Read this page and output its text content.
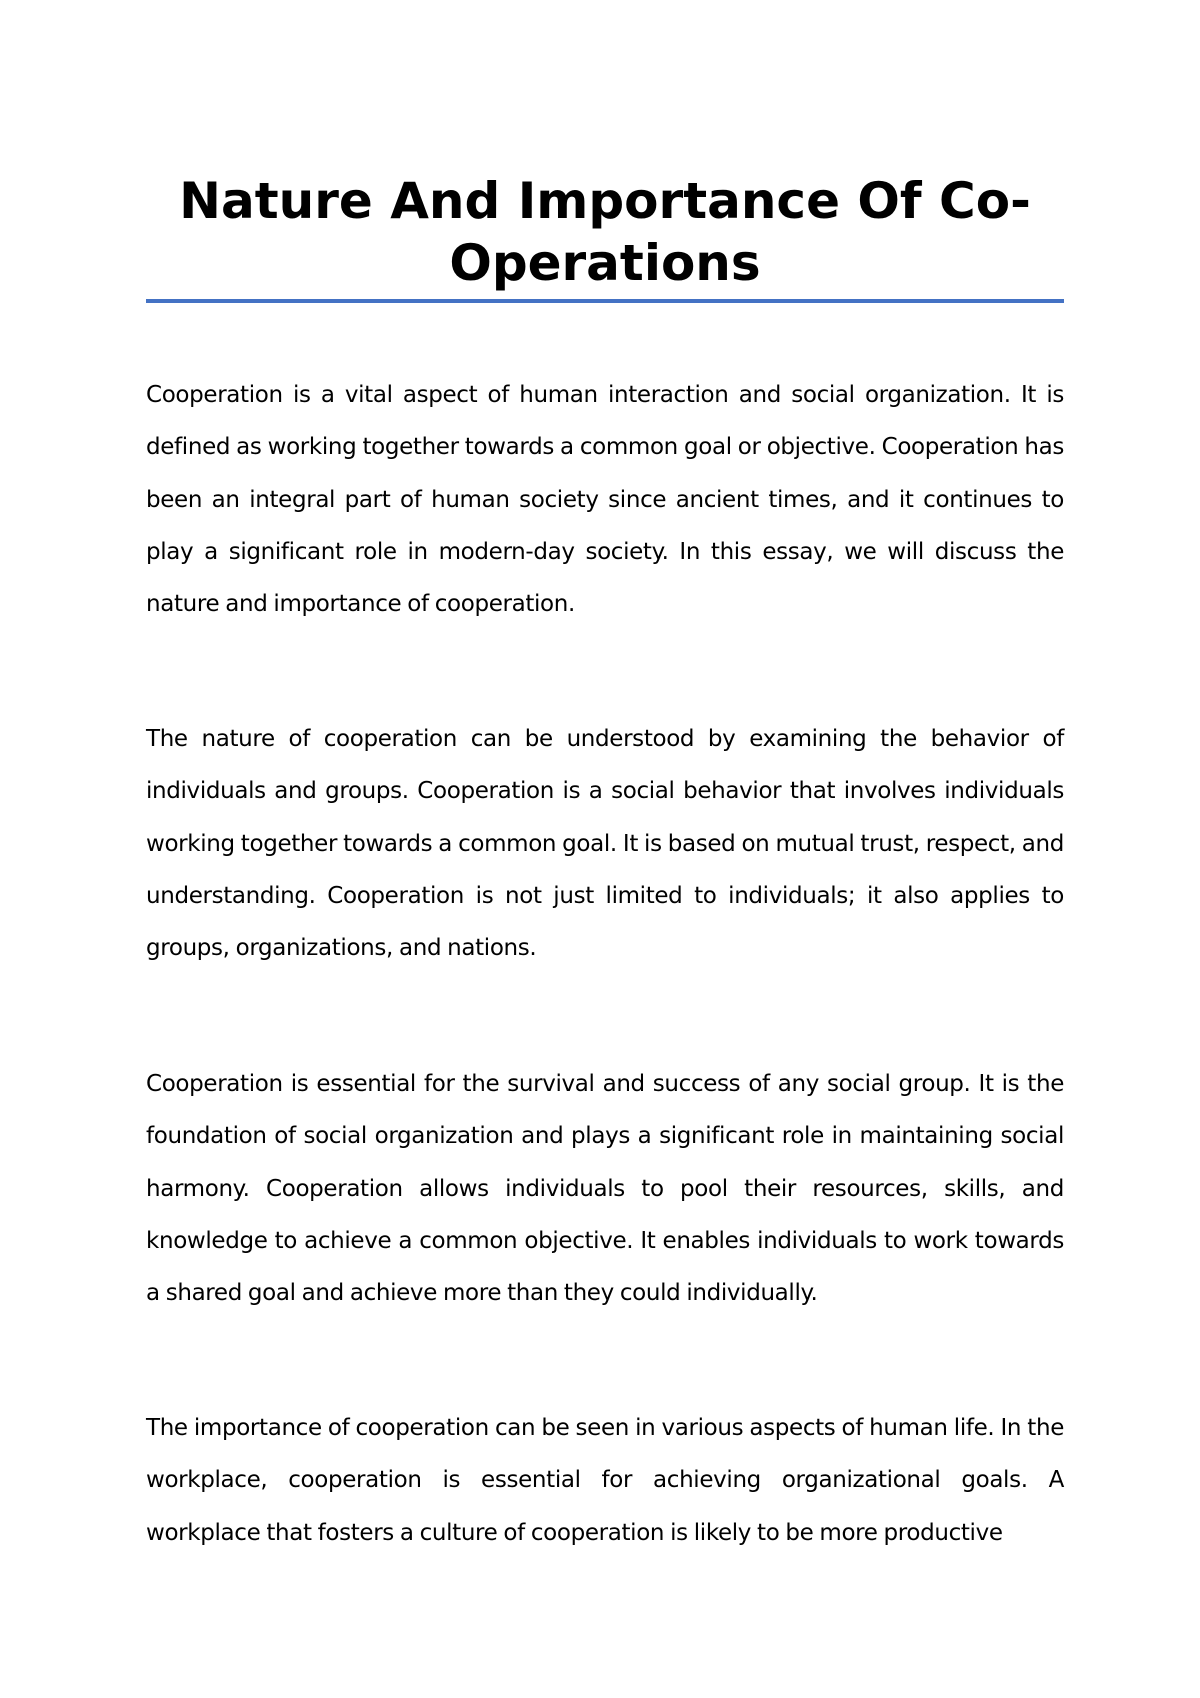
Nature And Importance Of Co-Operations

Cooperation is a vital aspect of human interaction and social organization. It is defined as working together towards a common goal or objective. Cooperation has been an integral part of human society since ancient times, and it continues to play a significant role in modern-day society. In this essay, we will discuss the nature and importance of cooperation.

The nature of cooperation can be understood by examining the behavior of individuals and groups. Cooperation is a social behavior that involves individuals working together towards a common goal. It is based on mutual trust, respect, and understanding. Cooperation is not just limited to individuals; it also applies to groups, organizations, and nations.

Cooperation is essential for the survival and success of any social group. It is the foundation of social organization and plays a significant role in maintaining social harmony. Cooperation allows individuals to pool their resources, skills, and knowledge to achieve a common objective. It enables individuals to work towards a shared goal and achieve more than they could individually.

The importance of cooperation can be seen in various aspects of human life. In the workplace, cooperation is essential for achieving organizational goals. A workplace that fosters a culture of cooperation is likely to be more productive
